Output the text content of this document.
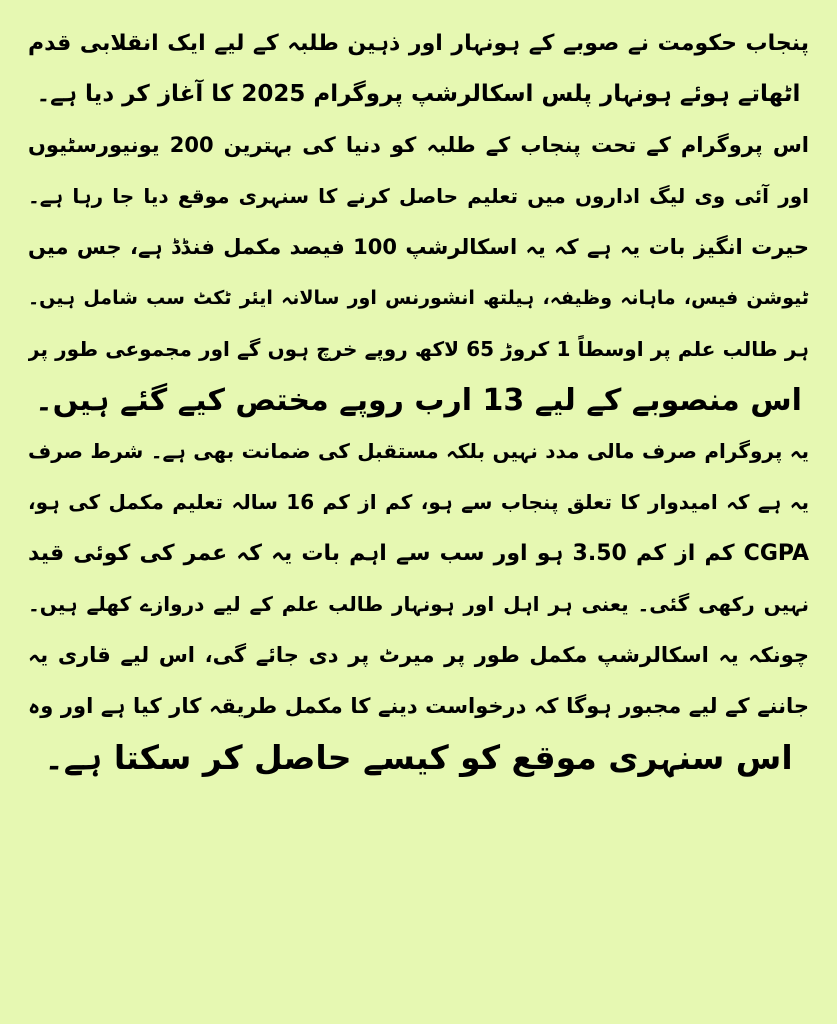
پنجاب حکومت نے صوبے کے ہونہار اور ذہین طلبہ کے لیے ایک انقلابی قدم
اٹھاتے ہوئے ہونہار پلس اسکالرشپ پروگرام 2025 کا آغاز کر دیا ہے۔
اس پروگرام کے تحت پنجاب کے طلبہ کو دنیا کی بہترین 200 یونیورسٹیوں
اور آئی وی لیگ اداروں میں تعلیم حاصل کرنے کا سنہری موقع دیا جا رہا ہے۔
حیرت انگیز بات یہ ہے کہ یہ اسکالرشپ 100 فیصد مکمل فنڈڈ ہے، جس میں
ٹیوشن فیس، ماہانہ وظیفہ، ہیلتھ انشورنس اور سالانہ ایئر ٹکٹ سب شامل ہیں۔
ہر طالب علم پر اوسطاً 1 کروڑ 65 لاکھ روپے خرچ ہوں گے اور مجموعی طور پر
اس منصوبے کے لیے 13 ارب روپے مختص کیے گئے ہیں۔
یہ پروگرام صرف مالی مدد نہیں بلکہ مستقبل کی ضمانت بھی ہے۔ شرط صرف
یہ ہے کہ امیدوار کا تعلق پنجاب سے ہو، کم از کم 16 سالہ تعلیم مکمل کی ہو،
CGPA کم از کم 3.50 ہو اور سب سے اہم بات یہ کہ عمر کی کوئی قید
نہیں رکھی گئی۔ یعنی ہر اہل اور ہونہار طالب علم کے لیے دروازے کھلے ہیں۔
چونکہ یہ اسکالرشپ مکمل طور پر میرٹ پر دی جائے گی، اس لیے قاری یہ
جاننے کے لیے مجبور ہوگا کہ درخواست دینے کا مکمل طریقہ کار کیا ہے اور وہ
اس سنہری موقع کو کیسے حاصل کر سکتا ہے۔
